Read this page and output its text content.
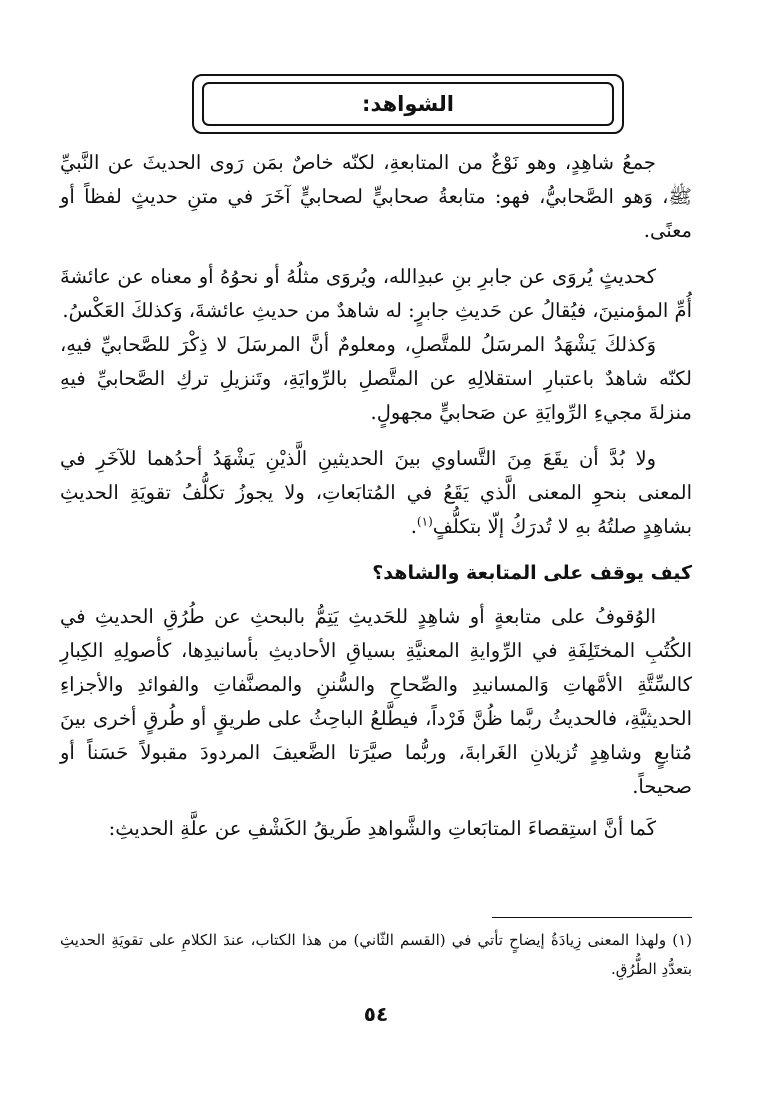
الشواهد:

جمعُ شاهِدٍ، وهو نَوْعٌ من المتابعةِ، لكنّه خاصٌ بمَن رَوى الحديثَ عن النَّبيِّ ﷺ، وَهو الصَّحابيُّ، فهو: متابعةُ صحابيٍّ لصحابيٍّ آخَرَ في متنِ حديثٍ لفظاً أو معنًى.

كحديثٍ يُروَى عن جابرِ بنِ عبدِالله، ويُروَى مثلُهُ أو نحوُهُ أو معناه عن عائشةَ أُمِّ المؤمنينَ، فيُقالُ عن حَديثِ جابرٍ: له شاهدٌ من حديثِ عائشةَ، وَكذلكَ العَكْسُ.

وَكذلكَ يَشْهَدُ المرسَلُ للمتَّصلِ، ومعلومٌ أنَّ المرسَلَ لا ذِكْرَ للصَّحابيِّ فيهِ، لكنّه شاهدٌ باعتبارِ استقلالِهِ عن المتَّصلِ بالرِّوايَةِ، وتَنزيلِ تركِ الصَّحابيِّ فيهِ منزلةَ مجيءِ الرِّوايَةِ عن صَحابيٍّ مجهولٍ.

ولا بُدَّ أن يقَعَ مِنَ التَّساوي بينَ الحديثينِ الَّذيْنِ يَشْهَدُ أحدُهما للآخَرِ في المعنى بنحوِ المعنى الَّذي يَقَعُ في المُتابَعاتِ، ولا يجوزُ تكلُّفُ تقويَةِ الحديثِ بشاهِدٍ صلتُهُ بهِ لا تُدرَكُ إلّا بتكلُّفٍ$^{(١)}$.

كيف يوقف على المتابعة والشاهد؟

الوُقوفُ على متابعةٍ أو شاهِدٍ للحَديثِ يَتِمُّ بالبحثِ عن طُرُقِ الحديثِ في الكُتُبِ المختَلِفَةِ في الرِّوايةِ المعنيَّةِ بسياقِ الأحاديثِ بأسانيدِها، كأصولِهِ الكِبارِ كالسِّتَّةِ الأمَّهاتِ وَالمسانيدِ والصِّحاحِ والسُّننِ والمصنَّفاتِ والفوائدِ والأجزاءِ الحديثيَّةِ، فالحديثُ ربَّما ظُنَّ فَرْداً، فيطَّلعُ الباحِثُ على طريقٍ أو طُرقٍ أخرى بينَ مُتابعٍ وشاهِدٍ تُزيلانِ الغَرابةَ، وربُّما صيَّرَتا الضَّعيفَ المردودَ مقبولاً حَسَناً أو صحيحاً.

كَما أنَّ استِقصاءَ المتابَعاتِ والشَّواهدِ طَريقُ الكَشْفِ عن علَّةِ الحديثِ:

(١) ولهذا المعنى زِيادَةُ إيضاحٍ تأتي في (القسم الثّاني) من هذا الكتاب، عندَ الكلامِ على تقويَةِ الحديثِ بتعدُّدِ الطُّرُقِ.
٥٤
